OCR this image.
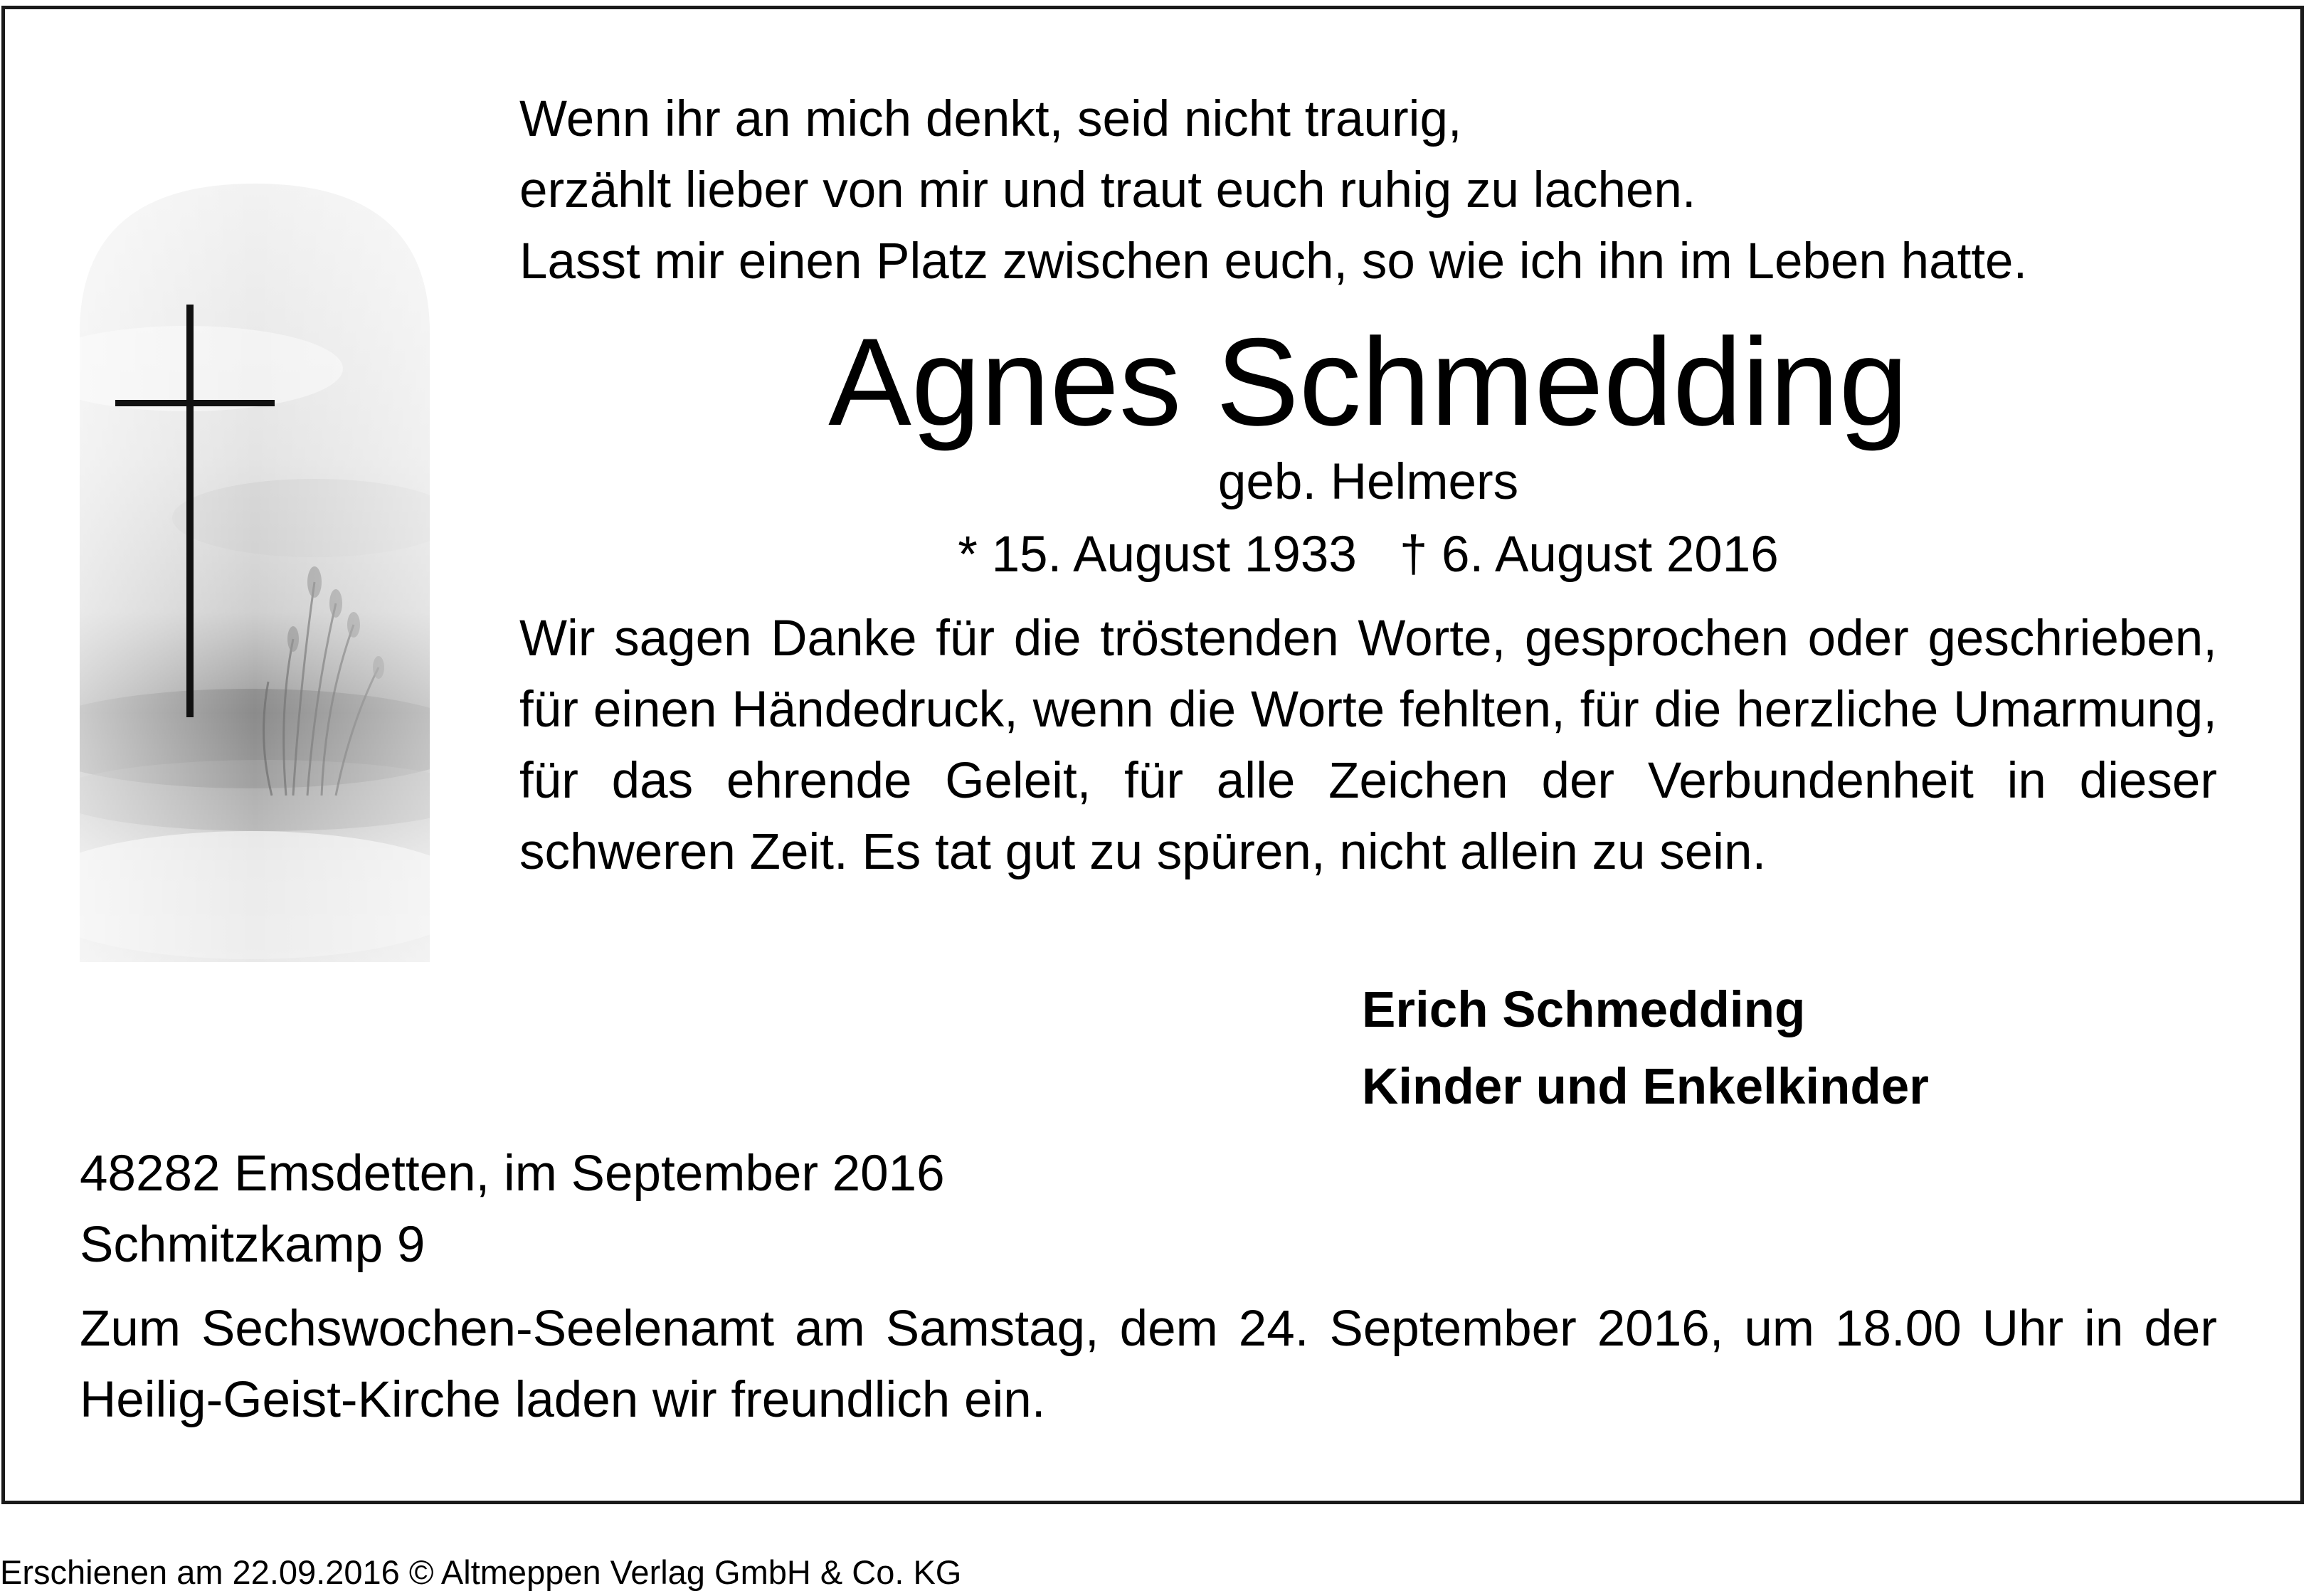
Wenn ihr an mich denkt, seid nicht traurig,
erzählt lieber von mir und traut euch ruhig zu lachen.
Lasst mir einen Platz zwischen euch, so wie ich ihn im Leben hatte.
Agnes Schmedding
geb. Helmers
* 15. August 1933 † 6. August 2016
Wir sagen Danke für die tröstenden Worte, gesprochen oder geschrieben, für einen Händedruck, wenn die Worte fehlten, für die herzliche Umarmung, für das ehrende Geleit, für alle Zeichen der Verbundenheit in dieser schweren Zeit. Es tat gut zu spüren, nicht allein zu sein.
Erich Schmedding
Kinder und Enkelkinder
48282 Emsdetten, im September 2016
Schmitzkamp 9
Zum Sechswochen-Seelenamt am Samstag, dem 24. September 2016, um 18.00 Uhr in der Heilig-Geist-Kirche laden wir freundlich ein.
Erschienen am 22.09.2016 © Altmeppen Verlag GmbH & Co. KG
